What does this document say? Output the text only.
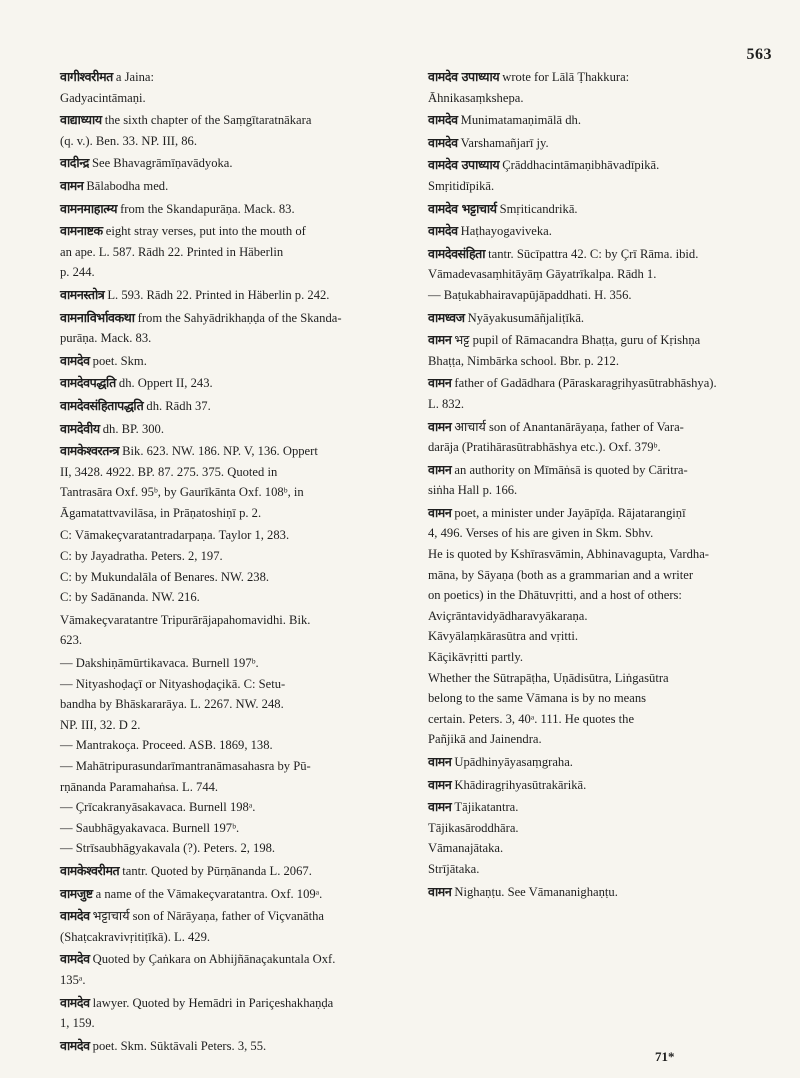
563
वागीश्वरीमत a Jaina:
Gadyacintāmaṇi.
वाद्याध्याय the sixth chapter of the Saṃgītaratnākara
(q. v.). Ben. 33. NP. III, 86.
वादीन्द्र See Bhavagrāmīṇavādyoka.
वामन Bālabodha med.
वामनमाहात्म्य from the Skandapurāṇa. Mack. 83.
वामनाष्टक eight stray verses, put into the mouth of
an ape. L. 587. Rādh 22. Printed in Häberlin
p. 244.
वामनस्तोत्र L. 593. Rādh 22. Printed in Häberlin p. 242.
वामनाविर्भावकथा from the Sahyādrikhaṇḍa of the Skanda-
purāṇa. Mack. 83.
वामदेव poet. Skm.
वामदेवपद्धति dh. Oppert II, 243.
वामदेवसंहितापद्धति dh. Rādh 37.
वामदेवीय dh. BP. 300.
वामकेश्वरतन्त्र Bik. 623. NW. 186. NP. V, 136. Oppert
II, 3428. 4922. BP. 87. 275. 375. Quoted in
Tantrasāra Oxf. 95ᵇ, by Gaurīkānta Oxf. 108ᵇ, in
Āgamatattvavilāsa, in Prāṇatoshiṇī p. 2.
C: Vāmakeçvaratantradarpaṇa. Taylor 1, 283.
C: by Jayadratha. Peters. 2, 197.
C: by Mukundalāla of Benares. NW. 238.
C: by Sadānanda. NW. 216.
Vāmakeçvaratantre Tripurārājapahomavidhi. Bik.
623.
— Dakshiṇāmūrtikavaca. Burnell 197ᵇ.
— Nityashoḍaçī or Nityashoḍaçikā. C: Setu-
bandha by Bhāskararāya. L. 2267. NW. 248.
NP. III, 32. D 2.
— Mantrakoça. Proceed. ASB. 1869, 138.
— Mahātripurasundarīmantranāmasahasra by Pū-
rṇānanda Paramahaṅsa. L. 744.
— Çrīcakranyāsakavaca. Burnell 198ᵃ.
— Saubhāgyakavaca. Burnell 197ᵇ.
— Strīsaubhāgyakavala (?). Peters. 2, 198.
वामकेश्वरीमत tantr. Quoted by Pūrṇānanda L. 2067.
वामजुष्ट a name of the Vāmakeçvaratantra. Oxf. 109ᵃ.
वामदेव भट्टाचार्य son of Nārāyaṇa, father of Viçvanātha
(Shaṭcakravivṛitiṭīkā). L. 429.
वामदेव Quoted by Çaṅkara on Abhijñānaçakuntala Oxf.
135ᵃ.
वामदेव lawyer. Quoted by Hemādri in Pariçeshakhaṇḍa
1, 159.
वामदेव poet. Skm. Sūktāvali Peters. 3, 55.
वामदेव उपाध्याय wrote for Lālā Ṭhakkura:
Āhnikasaṃkshepa.
वामदेव Munimatamaṇimālā dh.
वामदेव Varshamañjarī jy.
वामदेव उपाध्याय Çrāddhacintāmaṇibhāvadīpikā.
Smṛitidīpikā.
वामदेव भट्टाचार्य Smṛiticandrikā.
वामदेव Haṭhayogaviveka.
वामदेवसंहिता tantr. Sūcīpattra 42. C: by Çrī Rāma. ibid.
Vāmadevasaṃhitāyāṃ Gāyatrīkalpa. Rādh 1.
— Baṭukabhairavapūjāpaddhati. H. 356.
वामध्वज Nyāyakusumāñjaliṭīkā.
वामन भट्ट pupil of Rāmacandra Bhaṭṭa, guru of Kṛishṇa
Bhaṭṭa, Nimbārka school. Bbr. p. 212.
वामन father of Gadādhara (Pāraskaragṛihyasūtrabhāshya).
L. 832.
वामन आचार्य son of Anantanārāyaṇa, father of Vara-
darāja (Pratihārasūtrabhāshya etc.). Oxf. 379ᵇ.
वामन an authority on Mīmāṅsā is quoted by Cāritra-
siṅha Hall p. 166.
वामन poet, a minister under Jayāpīḍa. Rājatarangiṇī
4, 496. Verses of his are given in Skm. Sbhv.
He is quoted by Kshīrasvāmin, Abhinavagupta, Vardha-
māna, by Sāyaṇa (both as a grammarian and a writer
on poetics) in the Dhātuvṛitti, and a host of others:
Aviçrāntavidyādharavyākaraṇa.
Kāvyālaṃkārasūtra and vṛitti.
Kāçikāvṛitti partly.
Whether the Sūtrapāṭha, Uṇādisūtra, Liṅgasūtra
belong to the same Vāmana is by no means
certain. Peters. 3, 40ᵃ. 111. He quotes the
Pañjikā and Jainendra.
वामन Upādhinyāyasaṃgraha.
वामन Khādiragṛihyasūtrakārikā.
वामन Tājikatantra.
Tājikasāroddhāra.
Vāmanajātaka.
Strījātaka.
वामन Nighaṇṭu. See Vāmananighaṇṭu.
71*
